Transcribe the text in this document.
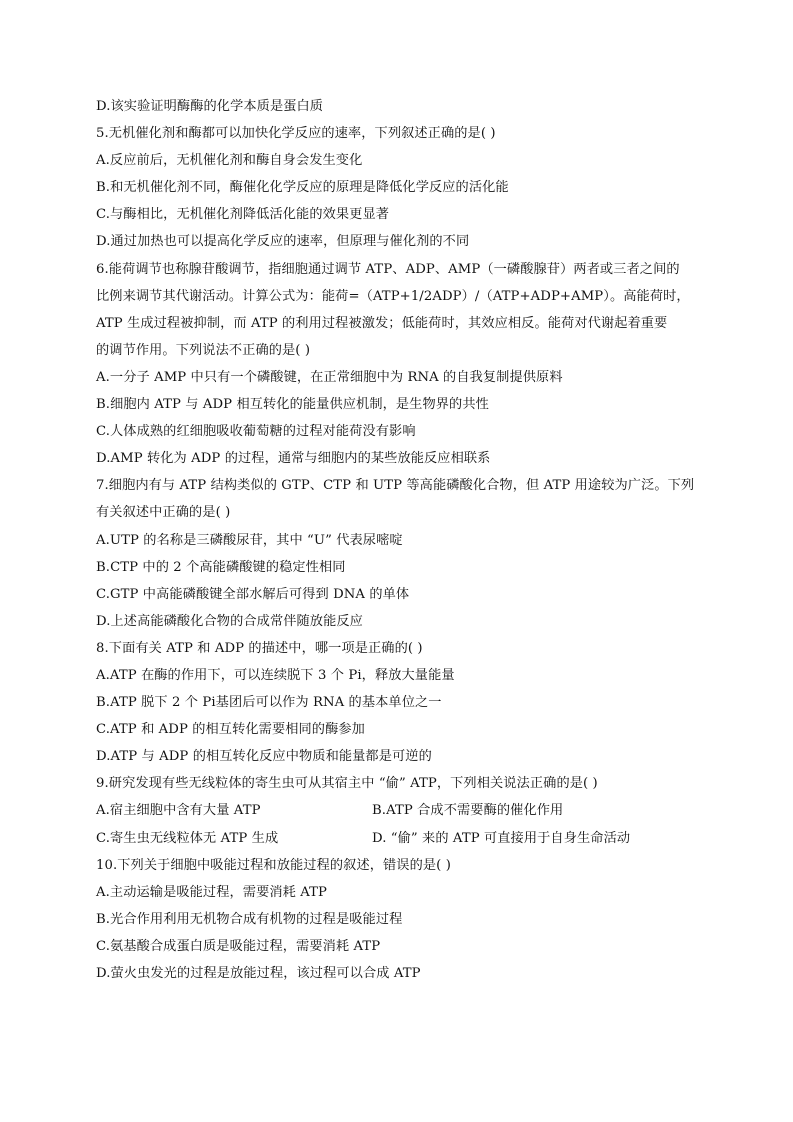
D.该实验证明酶酶的化学本质是蛋白质
5.无机催化剂和酶都可以加快化学反应的速率，下列叙述正确的是( )
A.反应前后，无机催化剂和酶自身会发生变化
B.和无机催化剂不同，酶催化化学反应的原理是降低化学反应的活化能
C.与酶相比，无机催化剂降低活化能的效果更显著
D.通过加热也可以提高化学反应的速率，但原理与催化剂的不同
6.能荷调节也称腺苷酸调节，指细胞通过调节 ATP、ADP、AMP（一磷酸腺苷）两者或三者之间的
比例来调节其代谢活动。计算公式为：能荷=（ATP+1/2ADP）/（ATP+ADP+AMP）。高能荷时，
ATP 生成过程被抑制，而 ATP 的利用过程被激发；低能荷时，其效应相反。能荷对代谢起着重要
的调节作用。下列说法不正确的是( )
A.一分子 AMP 中只有一个磷酸键，在正常细胞中为 RNA 的自我复制提供原料
B.细胞内 ATP 与 ADP 相互转化的能量供应机制，是生物界的共性
C.人体成熟的红细胞吸收葡萄糖的过程对能荷没有影响
D.AMP 转化为 ADP 的过程，通常与细胞内的某些放能反应相联系
7.细胞内有与 ATP 结构类似的 GTP、CTP 和 UTP 等高能磷酸化合物，但 ATP 用途较为广泛。下列
有关叙述中正确的是( )
A.UTP 的名称是三磷酸尿苷，其中 “U” 代表尿嘧啶
B.CTP 中的 2 个高能磷酸键的稳定性相同
C.GTP 中高能磷酸键全部水解后可得到 DNA 的单体
D.上述高能磷酸化合物的合成常伴随放能反应
8.下面有关 ATP 和 ADP 的描述中，哪一项是正确的( )
A.ATP 在酶的作用下，可以连续脱下 3 个 Pi，释放大量能量
B.ATP 脱下 2 个 Pi基团后可以作为 RNA 的基本单位之一
C.ATP 和 ADP 的相互转化需要相同的酶参加
D.ATP 与 ADP 的相互转化反应中物质和能量都是可逆的
9.研究发现有些无线粒体的寄生虫可从其宿主中 “偷” ATP，下列相关说法正确的是( )
A.宿主细胞中含有大量 ATP	B.ATP 合成不需要酶的催化作用
C.寄生虫无线粒体无 ATP 生成	D. “偷” 来的 ATP 可直接用于自身生命活动
10.下列关于细胞中吸能过程和放能过程的叙述，错误的是( )
A.主动运输是吸能过程，需要消耗 ATP
B.光合作用利用无机物合成有机物的过程是吸能过程
C.氨基酸合成蛋白质是吸能过程，需要消耗 ATP
D.萤火虫发光的过程是放能过程，该过程可以合成 ATP
